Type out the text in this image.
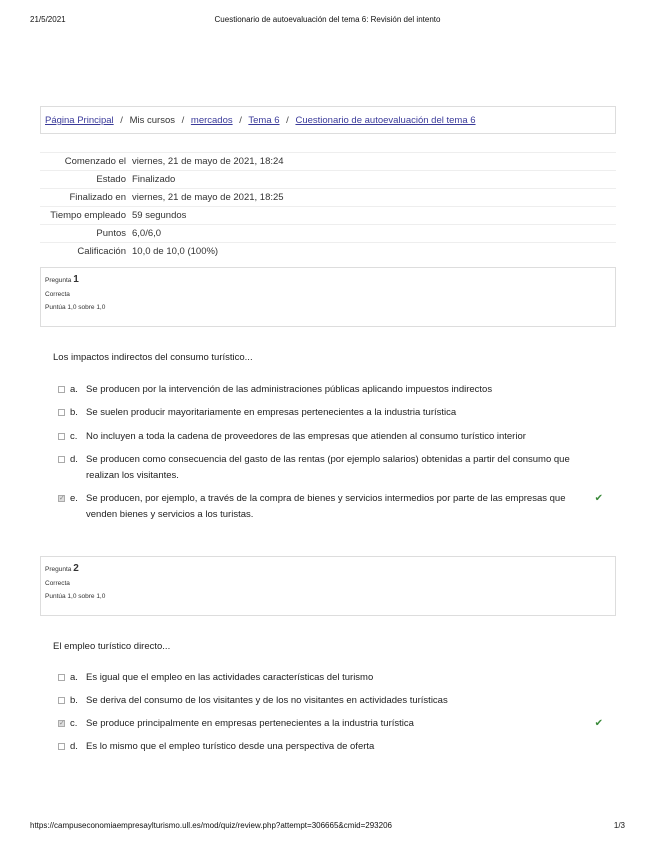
21/5/2021	Cuestionario de autoevaluación del tema 6: Revisión del intento
Página Principal / Mis cursos / mercados / Tema 6 / Cuestionario de autoevaluación del tema 6
Comenzado el viernes, 21 de mayo de 2021, 18:24
Estado Finalizado
Finalizado en viernes, 21 de mayo de 2021, 18:25
Tiempo empleado 59 segundos
Puntos 6,0/6,0
Calificación 10,0 de 10,0 (100%)
Pregunta 1
Correcta
Puntúa 1,0 sobre 1,0
Los impactos indirectos del consumo turístico...
a. Se producen por la intervención de las administraciones públicas aplicando impuestos indirectos
b. Se suelen producir mayoritariamente en empresas pertenecientes a la industria turística
c. No incluyen a toda la cadena de proveedores de las empresas que atienden al consumo turístico interior
d. Se producen como consecuencia del gasto de las rentas (por ejemplo salarios) obtenidas a partir del consumo que realizan los visitantes.
✓
e. Se producen, por ejemplo, a través de la compra de bienes y servicios intermedios por parte de las empresas que venden bienes y servicios a los turistas.
✔
Pregunta 2
Correcta
Puntúa 1,0 sobre 1,0
El empleo turístico directo...
a. Es igual que el empleo en las actividades características del turismo
b. Se deriva del consumo de los visitantes y de los no visitantes en actividades turísticas
✓
c. Se produce principalmente en empresas pertenecientes a la industria turística	✔
d. Es lo mismo que el empleo turístico desde una perspectiva de oferta
https://campuseconomiaempresaylturismo.ull.es/mod/quiz/review.php?attempt=306665&cmid=293206	1/3
